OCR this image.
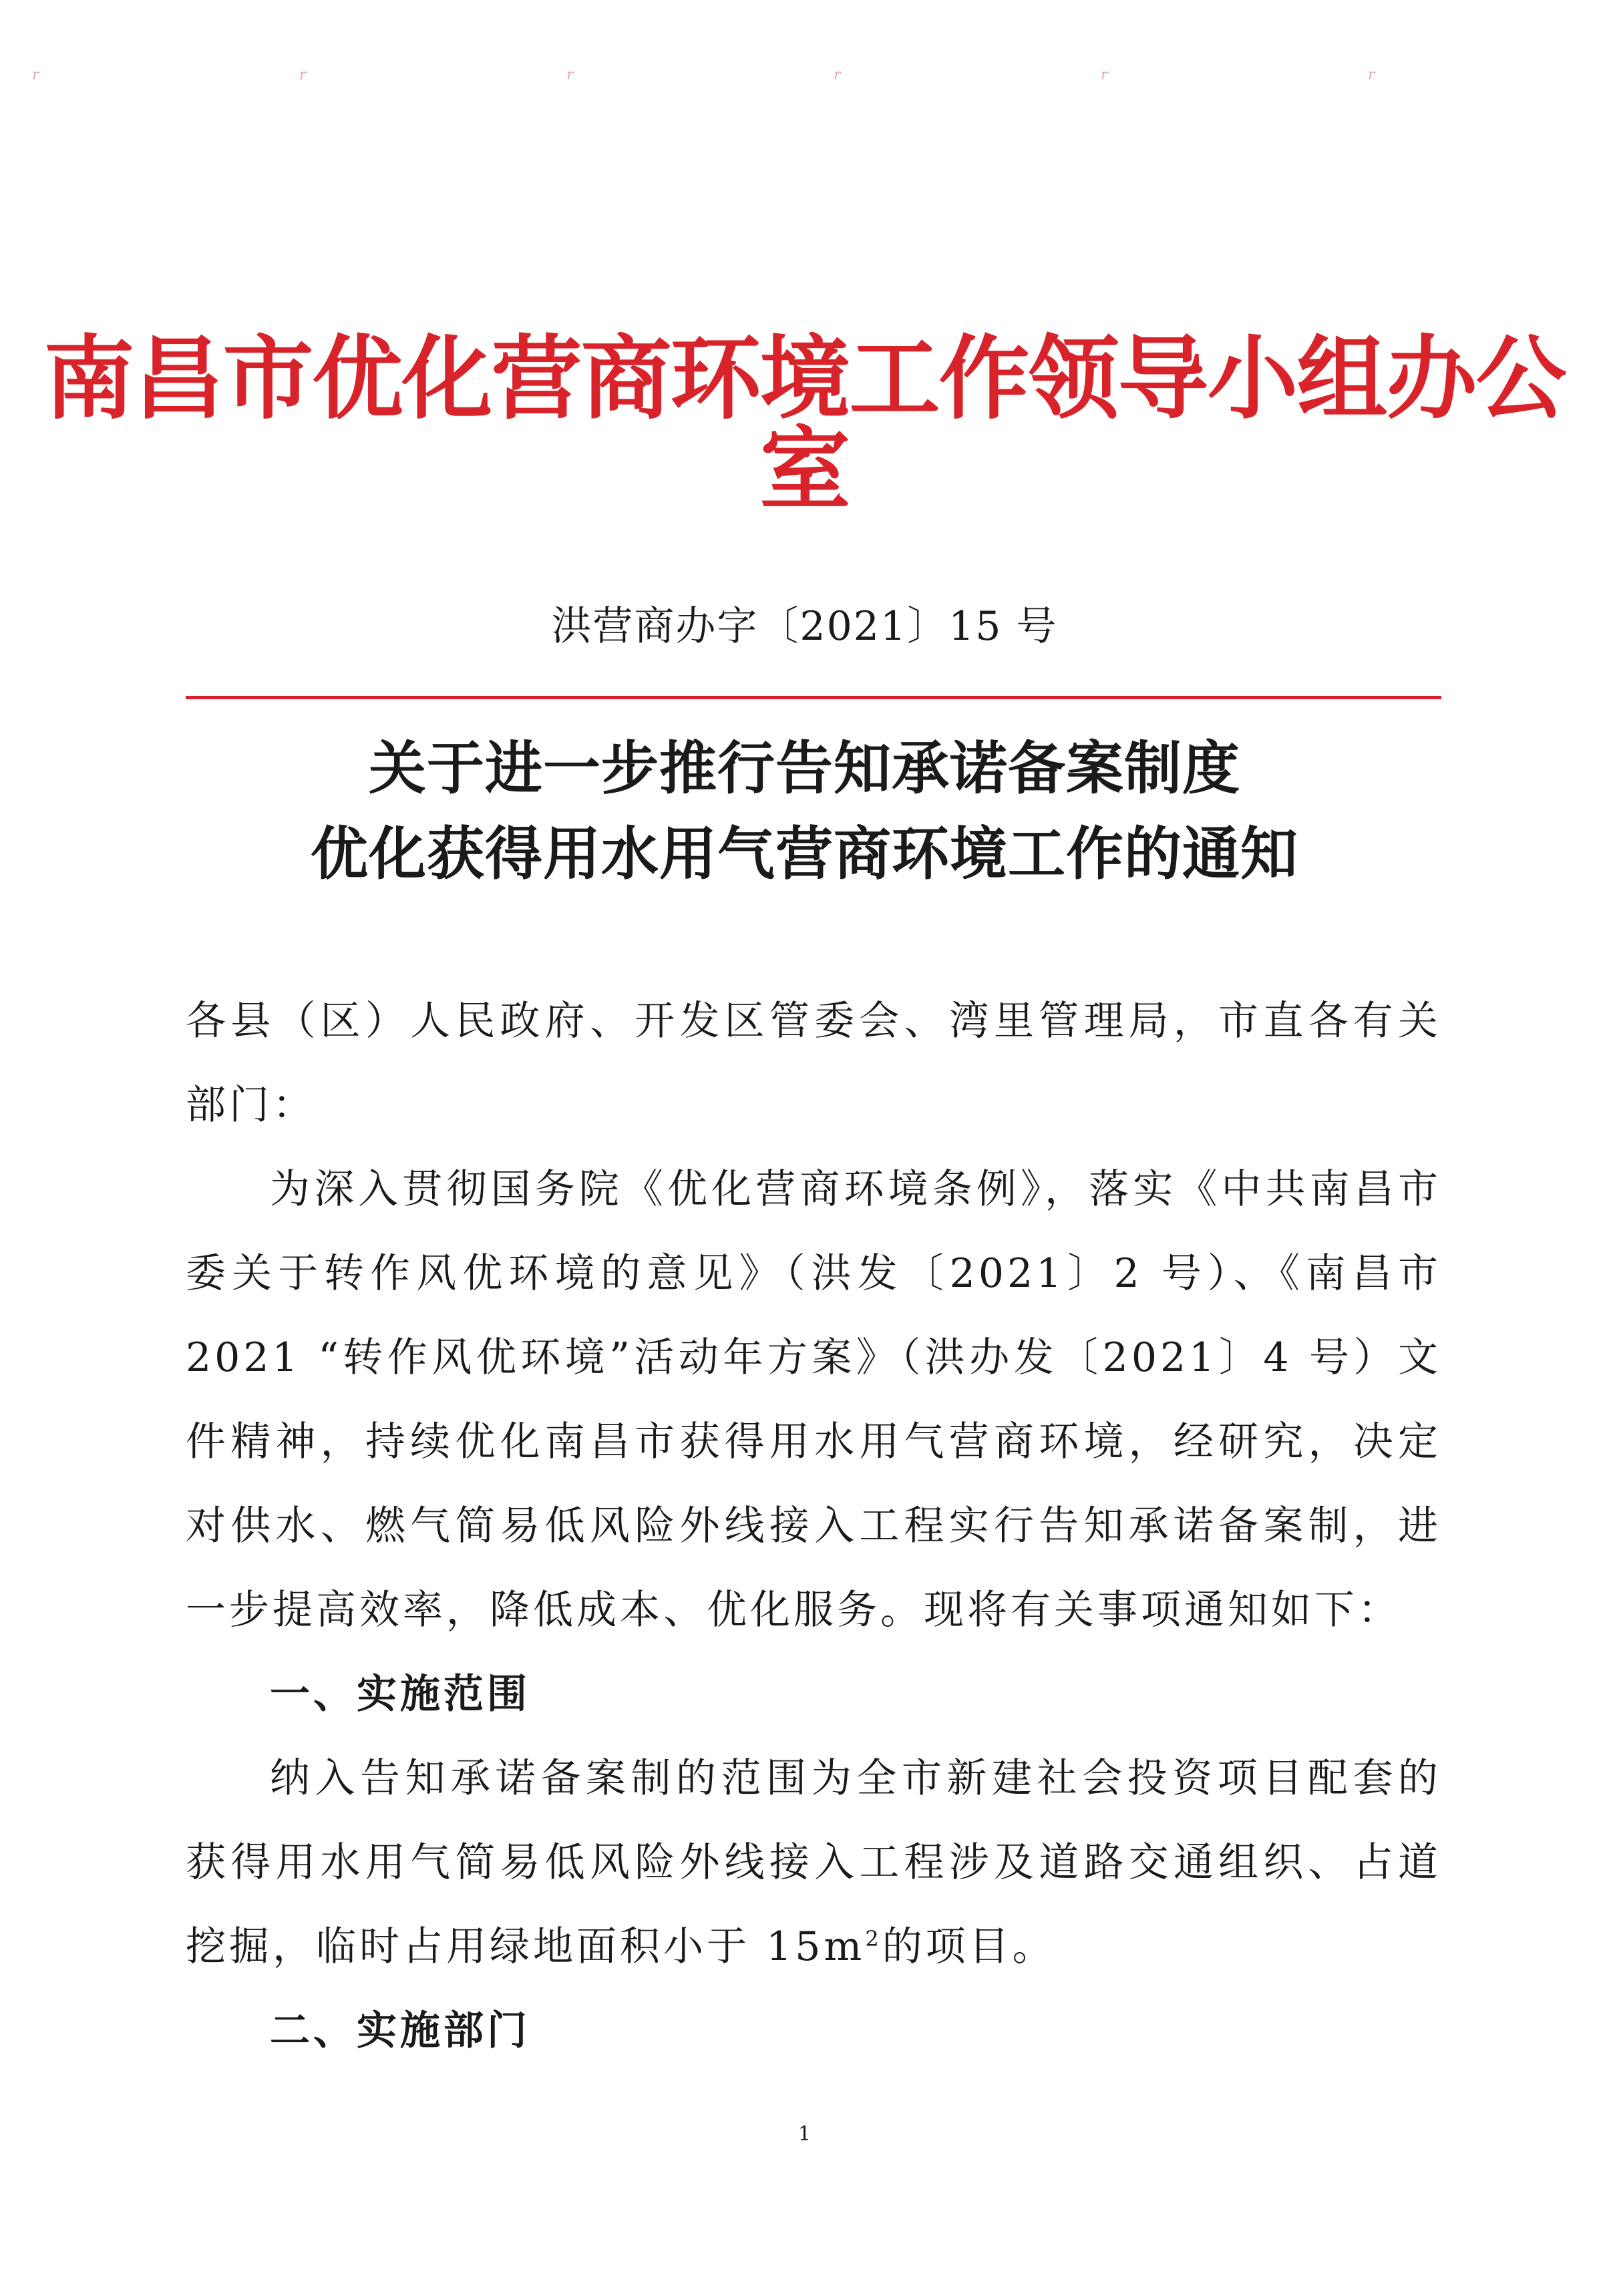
r	r	r	r	r	r
南昌市优化营商环境工作领导小组办公室
洪营商办字〔2021〕15 号
关于进一步推行告知承诺备案制度
优化获得用水用气营商环境工作的通知

各县（区）人民政府、开发区管委会、湾里管理局，市直各有关部门：

为深入贯彻国务院《优化营商环境条例》，落实《中共南昌市委关于转作风优环境的意见》（洪发〔2021〕2 号）、《南昌市 2021 “转作风优环境”活动年方案》（洪办发〔2021〕4 号）文件精神，持续优化南昌市获得用水用气营商环境，经研究，决定对供水、燃气简易低风险外线接入工程实行告知承诺备案制，进一步提高效率，降低成本、优化服务。现将有关事项通知如下：

一、实施范围

纳入告知承诺备案制的范围为全市新建社会投资项目配套的获得用水用气简易低风险外线接入工程涉及道路交通组织、占道挖掘，临时占用绿地面积小于 $15m^2$的项目。

二、实施部门

1
